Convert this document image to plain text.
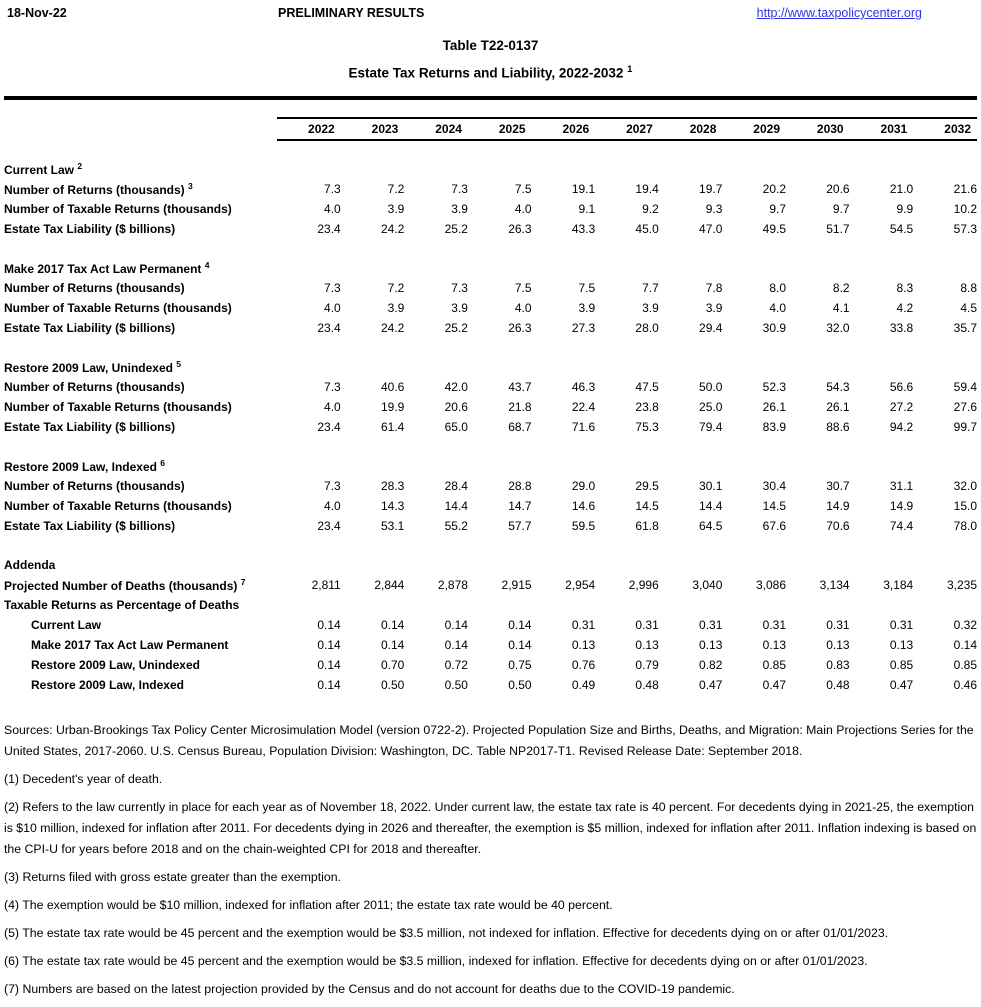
18-Nov-22	PRELIMINARY RESULTS	http://www.taxpolicycenter.org
Table T22-0137
Estate Tax Returns and Liability, 2022-2032 $^1$
	2022	2023	2024	2025	2026	2027	2028	2029	2030	2031	2032

Current Law $^2$
Number of Returns (thousands) $^3$	7.3	7.2	7.3	7.5	19.1	19.4	19.7	20.2	20.6	21.0	21.6
Number of Taxable Returns (thousands)	4.0	3.9	3.9	4.0	9.1	9.2	9.3	9.7	9.7	9.9	10.2
Estate Tax Liability ($ billions)	23.4	24.2	25.2	26.3	43.3	45.0	47.0	49.5	51.7	54.5	57.3

Make 2017 Tax Act Law Permanent $^4$
Number of Returns (thousands)	7.3	7.2	7.3	7.5	7.5	7.7	7.8	8.0	8.2	8.3	8.8
Number of Taxable Returns (thousands)	4.0	3.9	3.9	4.0	3.9	3.9	3.9	4.0	4.1	4.2	4.5
Estate Tax Liability ($ billions)	23.4	24.2	25.2	26.3	27.3	28.0	29.4	30.9	32.0	33.8	35.7

Restore 2009 Law, Unindexed $^5$
Number of Returns (thousands)	7.3	40.6	42.0	43.7	46.3	47.5	50.0	52.3	54.3	56.6	59.4
Number of Taxable Returns (thousands)	4.0	19.9	20.6	21.8	22.4	23.8	25.0	26.1	26.1	27.2	27.6
Estate Tax Liability ($ billions)	23.4	61.4	65.0	68.7	71.6	75.3	79.4	83.9	88.6	94.2	99.7

Restore 2009 Law, Indexed $^6$
Number of Returns (thousands)	7.3	28.3	28.4	28.8	29.0	29.5	30.1	30.4	30.7	31.1	32.0
Number of Taxable Returns (thousands)	4.0	14.3	14.4	14.7	14.6	14.5	14.4	14.5	14.9	14.9	15.0
Estate Tax Liability ($ billions)	23.4	53.1	55.2	57.7	59.5	61.8	64.5	67.6	70.6	74.4	78.0

Addenda											
Projected Number of Deaths (thousands) $^7$	2,811	2,844	2,878	2,915	2,954	2,996	3,040	3,086	3,134	3,184	3,235
Taxable Returns as Percentage of Deaths											
Current Law	0.14	0.14	0.14	0.14	0.31	0.31	0.31	0.31	0.31	0.31	0.32
Make 2017 Tax Act Law Permanent	0.14	0.14	0.14	0.14	0.13	0.13	0.13	0.13	0.13	0.13	0.14
Restore 2009 Law, Unindexed	0.14	0.70	0.72	0.75	0.76	0.79	0.82	0.85	0.83	0.85	0.85
Restore 2009 Law, Indexed	0.14	0.50	0.50	0.50	0.49	0.48	0.47	0.47	0.48	0.47	0.46

Sources: Urban-Brookings Tax Policy Center Microsimulation Model (version 0722-2). Projected Population Size and Births, Deaths, and Migration: Main Projections Series for the United States, 2017-2060. U.S. Census Bureau, Population Division: Washington, DC. Table NP2017-T1. Revised Release Date: September 2018.

(1) Decedent's year of death.

(2) Refers to the law currently in place for each year as of November 18, 2022. Under current law, the estate tax rate is 40 percent. For decedents dying in 2021-25, the exemption is $10 million, indexed for inflation after 2011. For decedents dying in 2026 and thereafter, the exemption is $5 million, indexed for inflation after 2011. Inflation indexing is based on the CPI-U for years before 2018 and on the chain-weighted CPI for 2018 and thereafter.

(3) Returns filed with gross estate greater than the exemption.

(4) The exemption would be $10 million, indexed for inflation after 2011; the estate tax rate would be 40 percent.

(5) The estate tax rate would be 45 percent and the exemption would be $3.5 million, not indexed for inflation. Effective for decedents dying on or after 01/01/2023.

(6) The estate tax rate would be 45 percent and the exemption would be $3.5 million, indexed for inflation. Effective for decedents dying on or after 01/01/2023.

(7) Numbers are based on the latest projection provided by the Census and do not account for deaths due to the COVID-19 pandemic.
